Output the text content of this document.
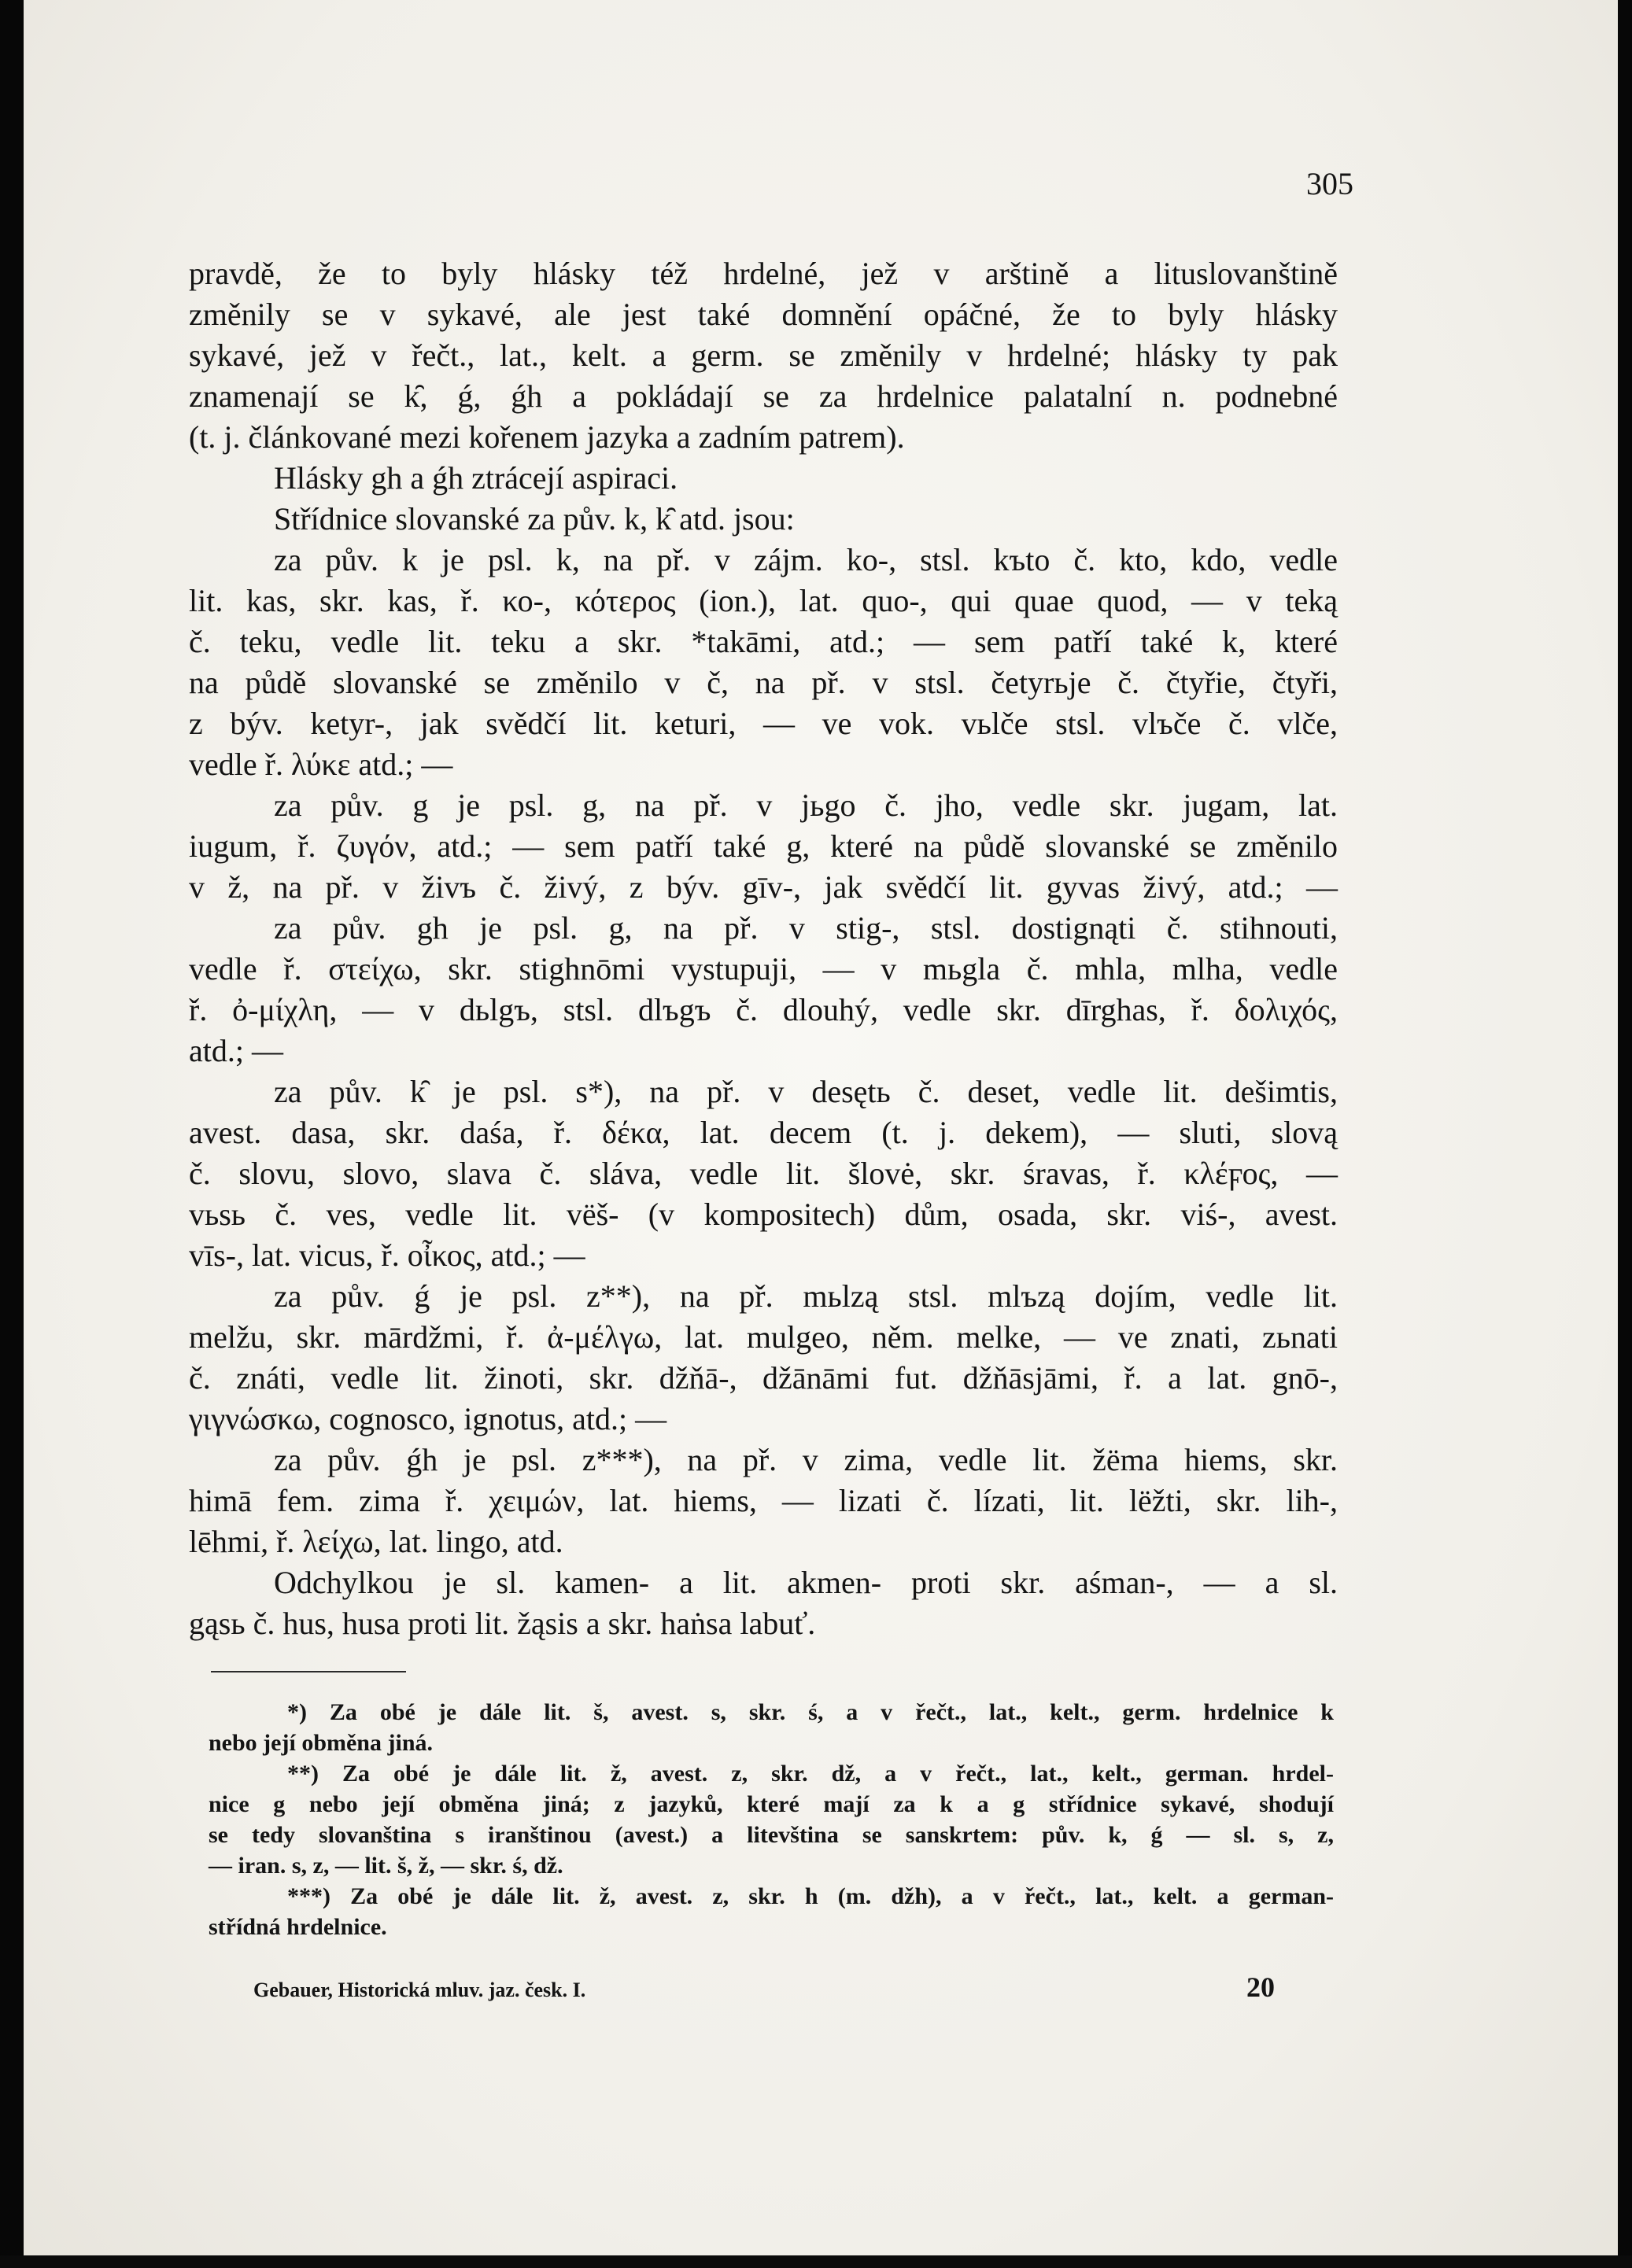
305
pravdě, že to byly hlásky též hrdelné, jež v arštině a lituslovanštině
změnily se v sykavé, ale jest také domnění opáčné, že to byly hlásky
sykavé, jež v řečt., lat., kelt. a germ. se změnily v hrdelné; hlásky ty pak
znamenají se k̑, ǵ, ǵh a pokládají se za hrdelnice palatalní n. podnebné
(t. j. článkované mezi kořenem jazyka a zadním patrem).
Hlásky gh a ǵh ztrácejí aspiraci.
Střídnice slovanské za pův. k, k̑ atd. jsou:
za pův. k je psl. k, na př. v zájm. ko-, stsl. kъto č. kto, kdo, vedle
lit. kas, skr. kas, ř. κο-, κότερος (ion.), lat. quo-, qui quae quod, — v teką
č. teku, vedle lit. teku a skr. *takāmi, atd.; — sem patří také k, které
na půdě slovanské se změnilo v č, na př. v stsl. četyrьje č. čtyřie, čtyři,
z býv. ketyr-, jak svědčí lit. keturi, — ve vok. vьlče stsl. vlъče č. vlče,
vedle ř. λύκε atd.; —
za pův. g je psl. g, na př. v jьgo č. jho, vedle skr. jugam, lat.
iugum, ř. ζυγόν, atd.; — sem patří také g, které na půdě slovanské se změnilo
v ž, na př. v živъ č. živý, z býv. gīv-, jak svědčí lit. gyvas živý, atd.; —
za pův. gh je psl. g, na př. v stig-, stsl. dostignąti č. stihnouti,
vedle ř. στείχω, skr. stighnōmi vystupuji, — v mьgla č. mhla, mlha, vedle
ř. ὀ-μίχλη, — v dьlgъ, stsl. dlъgъ č. dlouhý, vedle skr. dīrghas, ř. δολιχός,
atd.; —
za pův. k̑ je psl. s*), na př. v desętь č. deset, vedle lit. dešimtis,
avest. dasa, skr. daśa, ř. δέκα, lat. decem (t. j. dekem), — sluti, slovą
č. slovu, slovo, slava č. sláva, vedle lit. šlovė, skr. śravas, ř. κλέϝος, —
vьsь č. ves, vedle lit. vëš- (v kompositech) dům, osada, skr. viś-, avest.
vīs-, lat. vicus, ř. οἶκος, atd.; —
za pův. ǵ je psl. z**), na př. mьlzą stsl. mlъzą dojím, vedle lit.
melžu, skr. mārdžmi, ř. ἀ-μέλγω, lat. mulgeo, něm. melke, — ve znati, zьnati
č. znáti, vedle lit. žinoti, skr. džňā-, džānāmi fut. džňāsjāmi, ř. a lat. gnō-,
γιγνώσκω, cognosco, ignotus, atd.; —
za pův. ǵh je psl. z***), na př. v zima, vedle lit. žëma hiems, skr.
himā fem. zima ř. χειμών, lat. hiems, — lizati č. lízati, lit. lëžti, skr. lih-,
lēhmi, ř. λείχω, lat. lingo, atd.
Odchylkou je sl. kamen- a lit. akmen- proti skr. aśman-, — a sl.
gąsь č. hus, husa proti lit. žąsis a skr. haṅsa labuť.
*) Za obé je dále lit. š, avest. s, skr. ś, a v řečt., lat., kelt., germ. hrdelnice k
nebo její obměna jiná.
**) Za obé je dále lit. ž, avest. z, skr. dž, a v řečt., lat., kelt., german. hrdel-
nice g nebo její obměna jiná; z jazyků, které mají za k a g střídnice sykavé, shodují
se tedy slovanština s iranštinou (avest.) a litevština se sanskrtem: pův. k, ǵ — sl. s, z,
— iran. s, z, — lit. š, ž, — skr. ś, dž.
***) Za obé je dále lit. ž, avest. z, skr. h (m. džh), a v řečt., lat., kelt. a german-
střídná hrdelnice.
Gebauer, Historická mluv. jaz. česk. I.	20
